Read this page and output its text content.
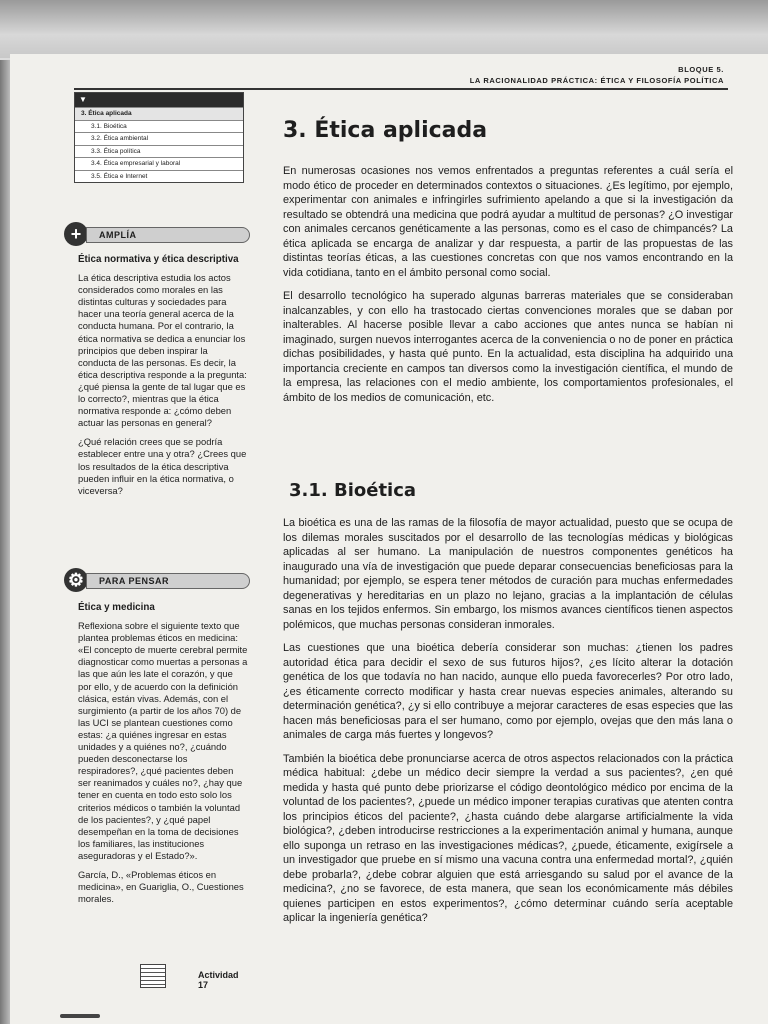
BLOQUE 5.
LA RACIONALIDAD PRÁCTICA: ÉTICA Y FILOSOFÍA POLÍTICA
▼
3. Ética aplicada
3.1. Bioética
3.2. Ética ambiental
3.3. Ética política
3.4. Ética empresarial y laboral
3.5. Ética e Internet
+	AMPLÍA
Ética normativa y ética descriptiva

La ética descriptiva estudia los actos considerados como morales en las distintas culturas y sociedades para hacer una teoría general acerca de la conducta humana. Por el contrario, la ética normativa se dedica a enunciar los principios que deben inspirar la conducta de las personas. Es decir, la ética descriptiva responde a la pregunta: ¿qué piensa la gente de tal lugar que es lo correcto?, mientras que la ética normativa responde a: ¿cómo deben actuar las personas en general?

¿Qué relación crees que se podría establecer entre una y otra? ¿Crees que los resultados de la ética descriptiva pueden influir en la ética normativa, o viceversa?

⚙	PARA PENSAR
Ética y medicina

Reflexiona sobre el siguiente texto que plantea problemas éticos en medicina: «El concepto de muerte cerebral permite diagnosticar como muertas a personas a las que aún les late el corazón, y que por ello, y de acuerdo con la definición clásica, están vivas. Además, con el surgimiento (a partir de los años 70) de las UCI se plantean cuestiones como estas: ¿a quiénes ingresar en estas unidades y a quiénes no?, ¿cuándo pueden desconectarse los respiradores?, ¿qué pacientes deben ser reanimados y cuáles no?, ¿hay que tener en cuenta en todo esto solo los criterios médicos o también la voluntad de los pacientes?, y ¿qué papel desempeñan en la toma de decisiones los familiares, las instituciones aseguradoras y el Estado?».

García, D., «Problemas éticos en medicina», en Guariglia, O., Cuestiones morales.

3. Ética aplicada

En numerosas ocasiones nos vemos enfrentados a preguntas referentes a cuál sería el modo ético de proceder en determinados contextos o situaciones. ¿Es legítimo, por ejemplo, experimentar con animales e infringirles sufrimiento apelando a que si la investigación da resultado se obtendrá una medicina que podrá ayudar a multitud de personas? ¿O investigar con animales cercanos genéticamente a las personas, como es el caso de chimpancés? La ética aplicada se encarga de analizar y dar respuesta, a partir de las propuestas de las distintas teorías éticas, a las cuestiones concretas con que nos vamos encontrando en la vida cotidiana, tanto en el ámbito personal como social.

El desarrollo tecnológico ha superado algunas barreras materiales que se consideraban inalcanzables, y con ello ha trastocado ciertas convenciones morales que se daban por inalterables. Al hacerse posible llevar a cabo acciones que antes nunca se habían ni imaginado, surgen nuevos interrogantes acerca de la conveniencia o no de poner en práctica dichas posibilidades, y hasta qué punto. En la actualidad, esta disciplina ha adquirido una importancia creciente en campos tan diversos como la investigación científica, el mundo de la empresa, las relaciones con el medio ambiente, los comportamientos profesionales, el ámbito de los medios de comunicación, etc.

3.1. Bioética

La bioética es una de las ramas de la filosofía de mayor actualidad, puesto que se ocupa de los dilemas morales suscitados por el desarrollo de las tecnologías médicas y biológicas aplicadas al ser humano. La manipulación de nuestros componentes genéticos ha inaugurado una vía de investigación que puede deparar consecuencias beneficiosas para la humanidad; por ejemplo, se espera tener métodos de curación para muchas enfermedades degenerativas y hereditarias en un plazo no lejano, gracias a la implantación de células sanas en los tejidos enfermos. Sin embargo, los mismos avances científicos tienen aspectos polémicos, que muchas personas consideran inmorales.

Las cuestiones que una bioética debería considerar son muchas: ¿tienen los padres autoridad ética para decidir el sexo de sus futuros hijos?, ¿es lícito alterar la dotación genética de los que todavía no han nacido, aunque ello pueda favorecerles? Por otro lado, ¿es éticamente correcto modificar y hasta crear nuevas especies animales, alterando su determinación genética?, ¿y si ello contribuye a mejorar caracteres de esas especies que las hacen más beneficiosas para el ser humano, como por ejemplo, ovejas que den más lana o animales de carga más fuertes y longevos?

También la bioética debe pronunciarse acerca de otros aspectos relacionados con la práctica médica habitual: ¿debe un médico decir siempre la verdad a sus pacientes?, ¿en qué medida y hasta qué punto debe priorizarse el código deontológico médico por encima de la voluntad de los pacientes?, ¿puede un médico imponer terapias curativas que atenten contra los principios éticos del paciente?, ¿hasta cuándo debe alargarse artificialmente la vida biológica?, ¿deben introducirse restricciones a la experimentación animal y humana, aunque ello suponga un retraso en las investigaciones médicas?, ¿puede, éticamente, exigírsele a un investigador que pruebe en sí mismo una vacuna contra una enfermedad mortal?, ¿quién debe probarla?, ¿debe cobrar alguien que está arriesgando su salud por el avance de la medicina?, ¿no se favorece, de esta manera, que sean los económicamente más débiles quienes participen en estos experimentos?, ¿cómo determinar cuándo sería aceptable aplicar la ingeniería genética?

Actividad 17
